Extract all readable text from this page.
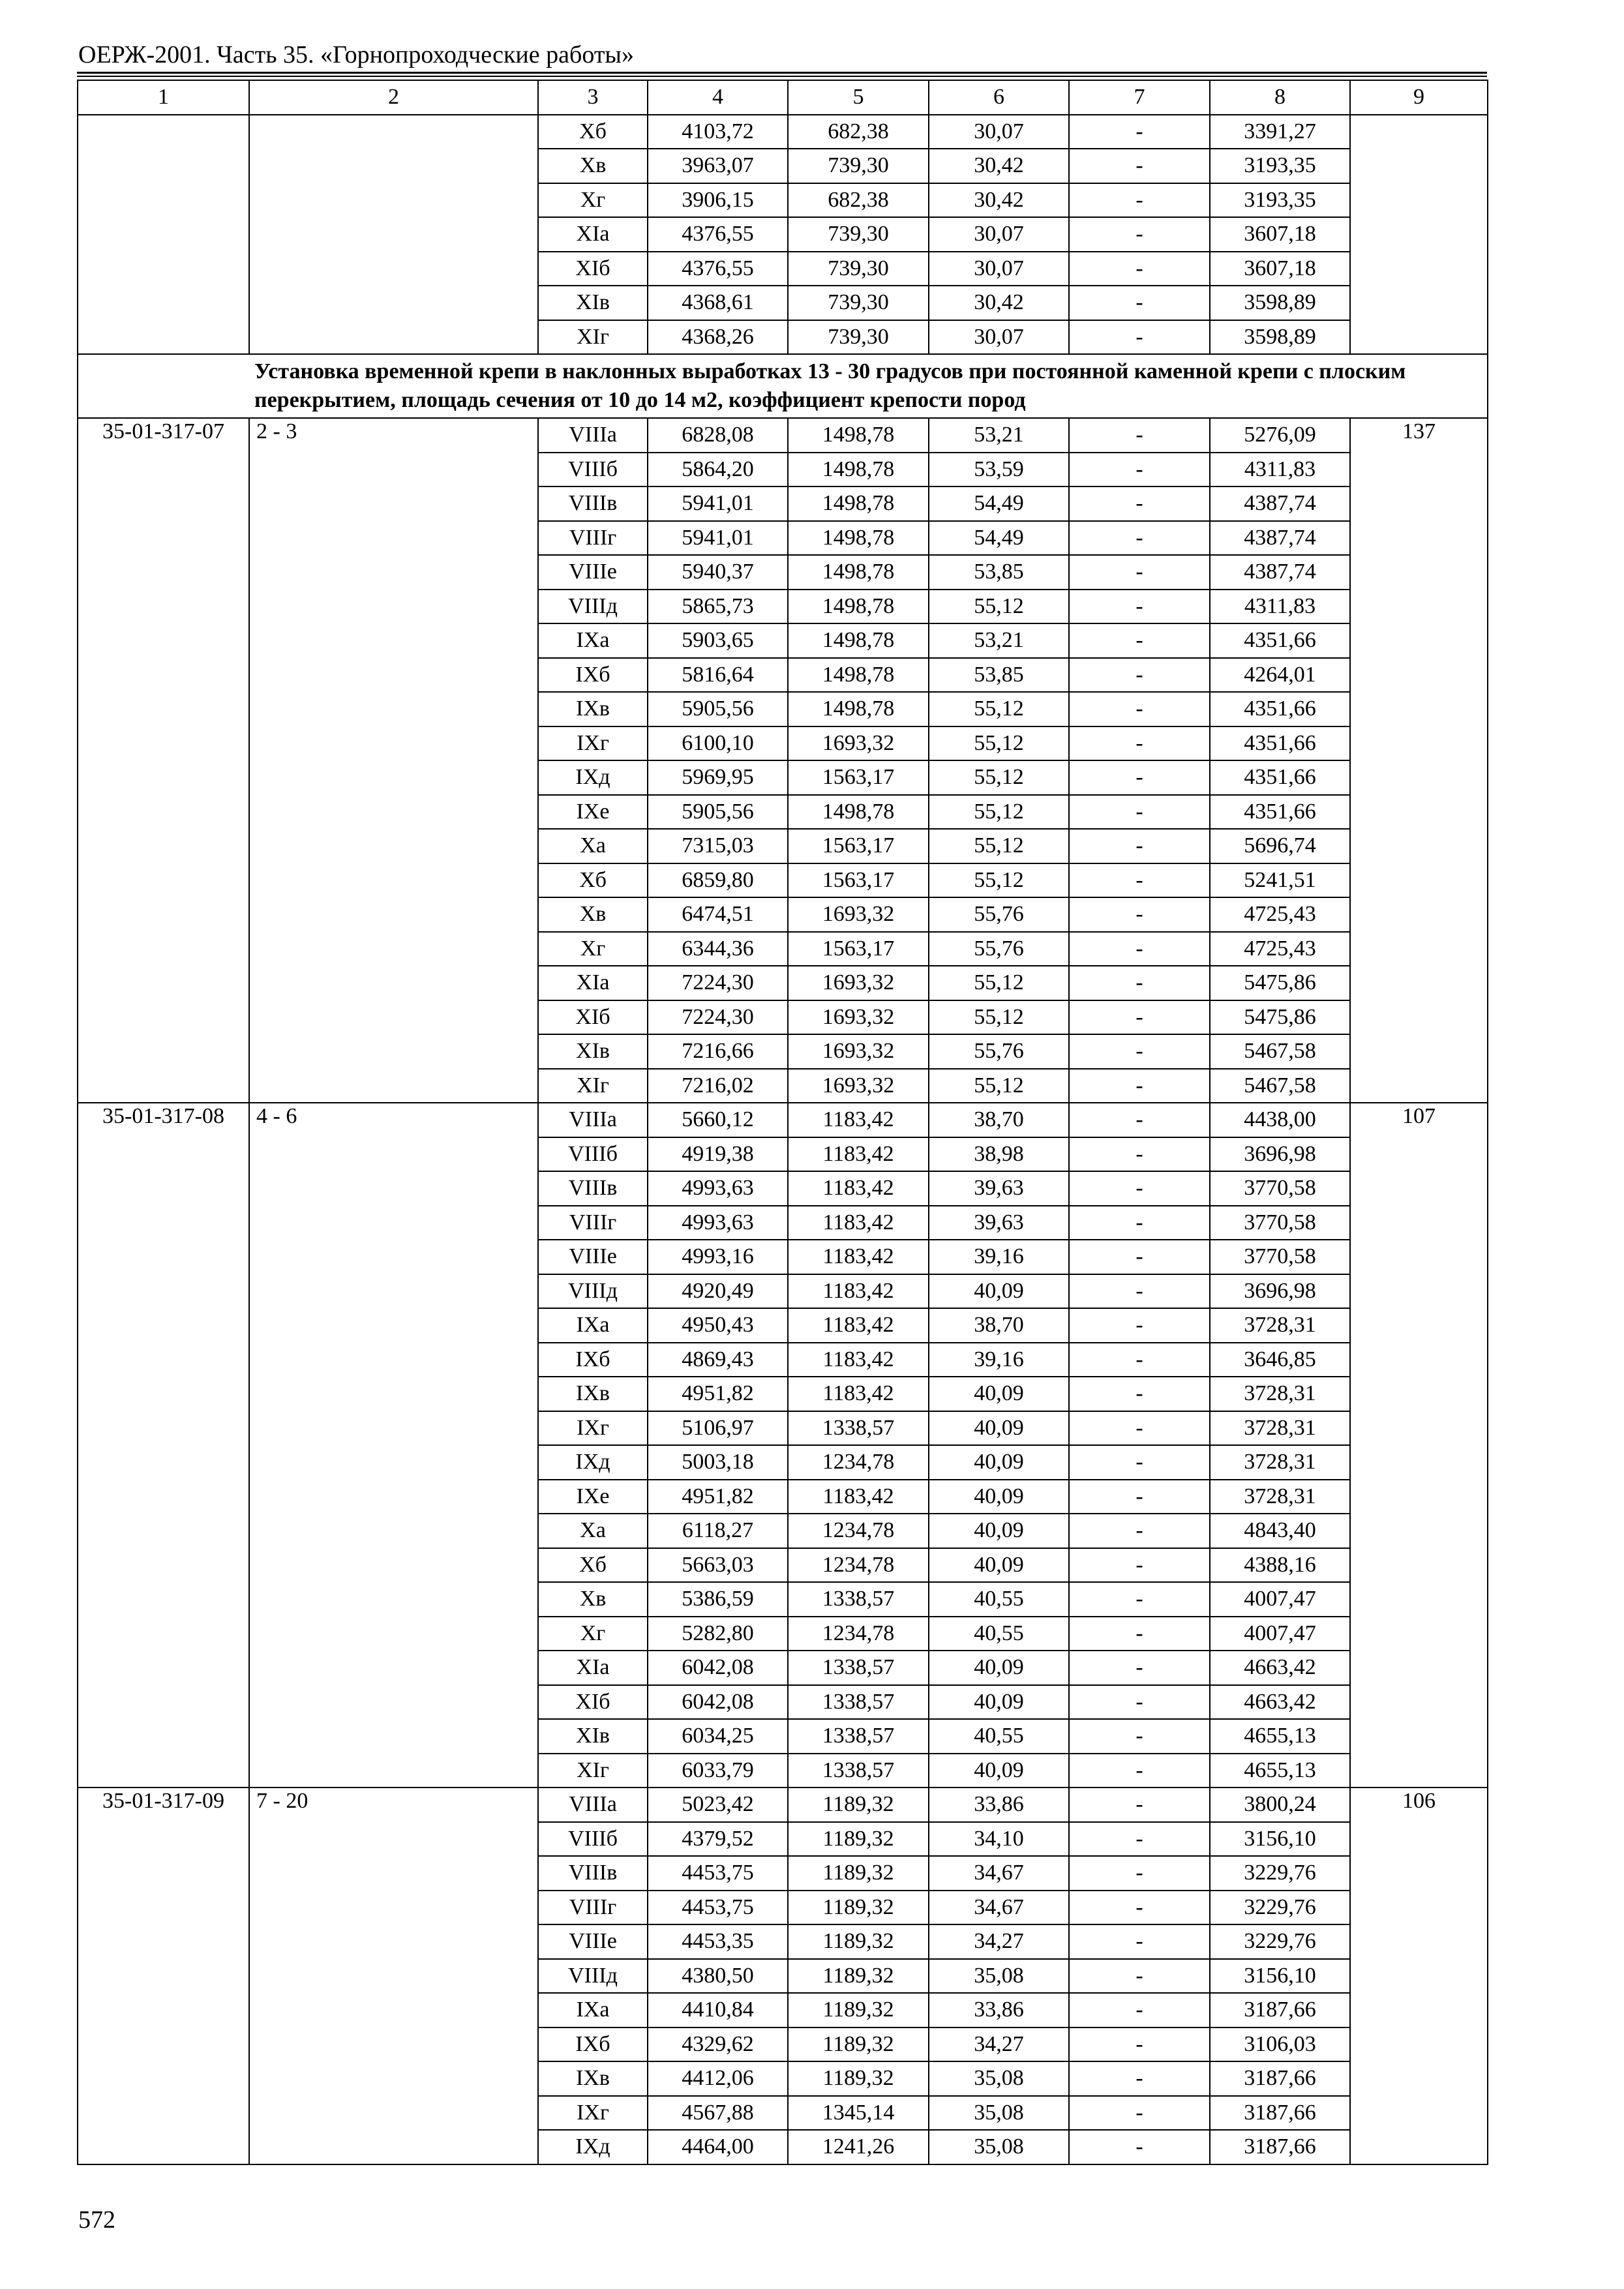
ОЕРЖ-2001. Часть 35. «Горнопроходческие работы»
1	2	3	4	5	6	7	8	9
		Xб	4103,72	682,38	30,07	-	3391,27	
		Xв	3963,07	739,30	30,42	-	3193,35	
		Xг	3906,15	682,38	30,42	-	3193,35	
		XIа	4376,55	739,30	30,07	-	3607,18	
		XIб	4376,55	739,30	30,07	-	3607,18	
		XIв	4368,61	739,30	30,42	-	3598,89	
		XIг	4368,26	739,30	30,07	-	3598,89	
Установка временной крепи в наклонных выработках 13 - 30 градусов при постоянной каменной крепи с плоским перекрытием, площадь сечения от 10 до 14 м2, коэффициент крепости пород								
35-01-317-07	2 - 3	VIIIа	6828,08	1498,78	53,21	-	5276,09	137
		VIIIб	5864,20	1498,78	53,59	-	4311,83	
		VIIIв	5941,01	1498,78	54,49	-	4387,74	
		VIIIг	5941,01	1498,78	54,49	-	4387,74	
		VIIIе	5940,37	1498,78	53,85	-	4387,74	
		VIIIд	5865,73	1498,78	55,12	-	4311,83	
		IXа	5903,65	1498,78	53,21	-	4351,66	
		IXб	5816,64	1498,78	53,85	-	4264,01	
		IXв	5905,56	1498,78	55,12	-	4351,66	
		IXг	6100,10	1693,32	55,12	-	4351,66	
		IXд	5969,95	1563,17	55,12	-	4351,66	
		IXе	5905,56	1498,78	55,12	-	4351,66	
		Xа	7315,03	1563,17	55,12	-	5696,74	
		Xб	6859,80	1563,17	55,12	-	5241,51	
		Xв	6474,51	1693,32	55,76	-	4725,43	
		Xг	6344,36	1563,17	55,76	-	4725,43	
		XIа	7224,30	1693,32	55,12	-	5475,86	
		XIб	7224,30	1693,32	55,12	-	5475,86	
		XIв	7216,66	1693,32	55,76	-	5467,58	
		XIг	7216,02	1693,32	55,12	-	5467,58	
35-01-317-08	4 - 6	VIIIа	5660,12	1183,42	38,70	-	4438,00	107
		VIIIб	4919,38	1183,42	38,98	-	3696,98	
		VIIIв	4993,63	1183,42	39,63	-	3770,58	
		VIIIг	4993,63	1183,42	39,63	-	3770,58	
		VIIIе	4993,16	1183,42	39,16	-	3770,58	
		VIIIд	4920,49	1183,42	40,09	-	3696,98	
		IXа	4950,43	1183,42	38,70	-	3728,31	
		IXб	4869,43	1183,42	39,16	-	3646,85	
		IXв	4951,82	1183,42	40,09	-	3728,31	
		IXг	5106,97	1338,57	40,09	-	3728,31	
		IXд	5003,18	1234,78	40,09	-	3728,31	
		IXе	4951,82	1183,42	40,09	-	3728,31	
		Xа	6118,27	1234,78	40,09	-	4843,40	
		Xб	5663,03	1234,78	40,09	-	4388,16	
		Xв	5386,59	1338,57	40,55	-	4007,47	
		Xг	5282,80	1234,78	40,55	-	4007,47	
		XIа	6042,08	1338,57	40,09	-	4663,42	
		XIб	6042,08	1338,57	40,09	-	4663,42	
		XIв	6034,25	1338,57	40,55	-	4655,13	
		XIг	6033,79	1338,57	40,09	-	4655,13	
35-01-317-09	7 - 20	VIIIа	5023,42	1189,32	33,86	-	3800,24	106
		VIIIб	4379,52	1189,32	34,10	-	3156,10	
		VIIIв	4453,75	1189,32	34,67	-	3229,76	
		VIIIг	4453,75	1189,32	34,67	-	3229,76	
		VIIIе	4453,35	1189,32	34,27	-	3229,76	
		VIIIд	4380,50	1189,32	35,08	-	3156,10	
		IXа	4410,84	1189,32	33,86	-	3187,66	
		IXб	4329,62	1189,32	34,27	-	3106,03	
		IXв	4412,06	1189,32	35,08	-	3187,66	
		IXг	4567,88	1345,14	35,08	-	3187,66	
		IXд	4464,00	1241,26	35,08	-	3187,66	
572
